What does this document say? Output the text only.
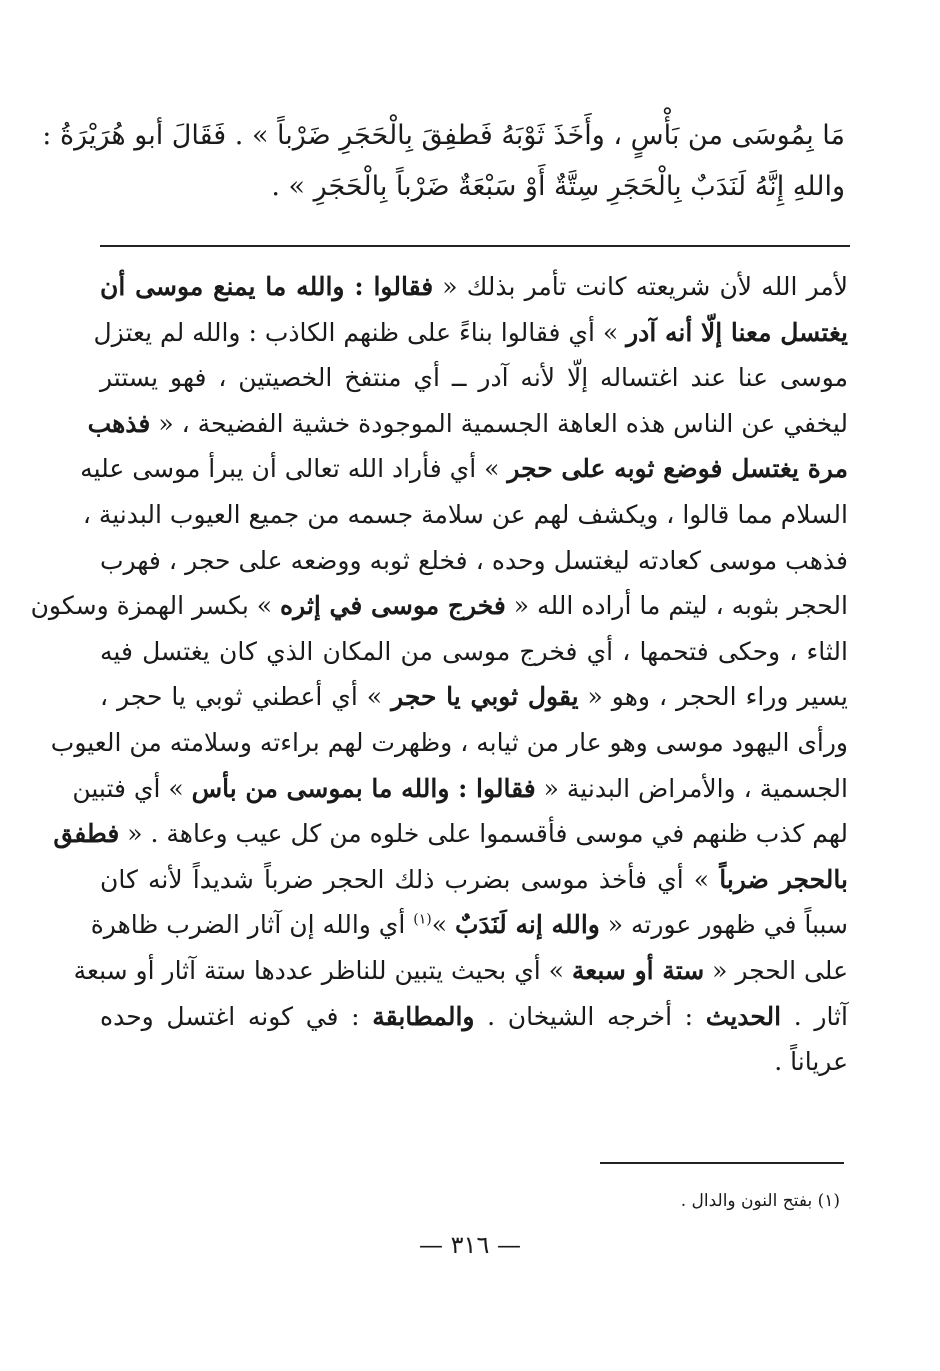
مَا بِمُوسَى من بَأْسٍ ، وأَخَذَ ثَوْبَهُ فَطفِقَ بِالْحَجَرِ ضَرْباً » . فَقَالَ أبو هُرَيْرَةُ :
واللهِ إِنَّهُ لَنَدَبٌ بِالْحَجَرِ سِتَّةٌ أَوْ سَبْعَةٌ ضَرْباً بِالْحَجَرِ » .
لأمر الله لأن شريعته كانت تأمر بذلك « فقالوا : والله ما يمنع موسى أن
يغتسل معنا إلّا أنه آدر » أي فقالوا بناءً على ظنهم الكاذب : والله لم يعتزل
موسى عنا عند اغتساله إلّا لأنه آدر ــ أي منتفخ الخصيتين ، فهو يستتر
ليخفي عن الناس هذه العاهة الجسمية الموجودة خشية الفضيحة ، « فذهب
مرة يغتسل فوضع ثوبه على حجر » أي فأراد الله تعالى أن يبرأ موسى عليه
السلام مما قالوا ، ويكشف لهم عن سلامة جسمه من جميع العيوب البدنية ،
فذهب موسى كعادته ليغتسل وحده ، فخلع ثوبه ووضعه على حجر ، فهرب
الحجر بثوبه ، ليتم ما أراده الله « فخرج موسى في إثره » بكسر الهمزة وسكون
الثاء ، وحكى فتحمها ، أي فخرج موسى من المكان الذي كان يغتسل فيه
يسير وراء الحجر ، وهو « يقول ثوبي يا حجر » أي أعطني ثوبي يا حجر ،
ورأى اليهود موسى وهو عار من ثيابه ، وظهرت لهم براءته وسلامته من العيوب
الجسمية ، والأمراض البدنية « فقالوا : والله ما بموسى من بأس » أي فتبين
لهم كذب ظنهم في موسى فأقسموا على خلوه من كل عيب وعاهة . « فطفق
بالحجر ضرباً » أي فأخذ موسى بضرب ذلك الحجر ضرباً شديداً لأنه كان
سبباً في ظهور عورته « والله إنه لَنَدَبٌ »$^{(١)}$ أي والله إن آثار الضرب ظاهرة
على الحجر « ستة أو سبعة » أي بحيث يتبين للناظر عددها ستة آثار أو سبعة
آثار . الحديث : أخرجه الشيخان . والمطابقة : في كونه اغتسل وحده
عرياناً .
(١) بفتح النون والدال .
— ٣١٦ —
